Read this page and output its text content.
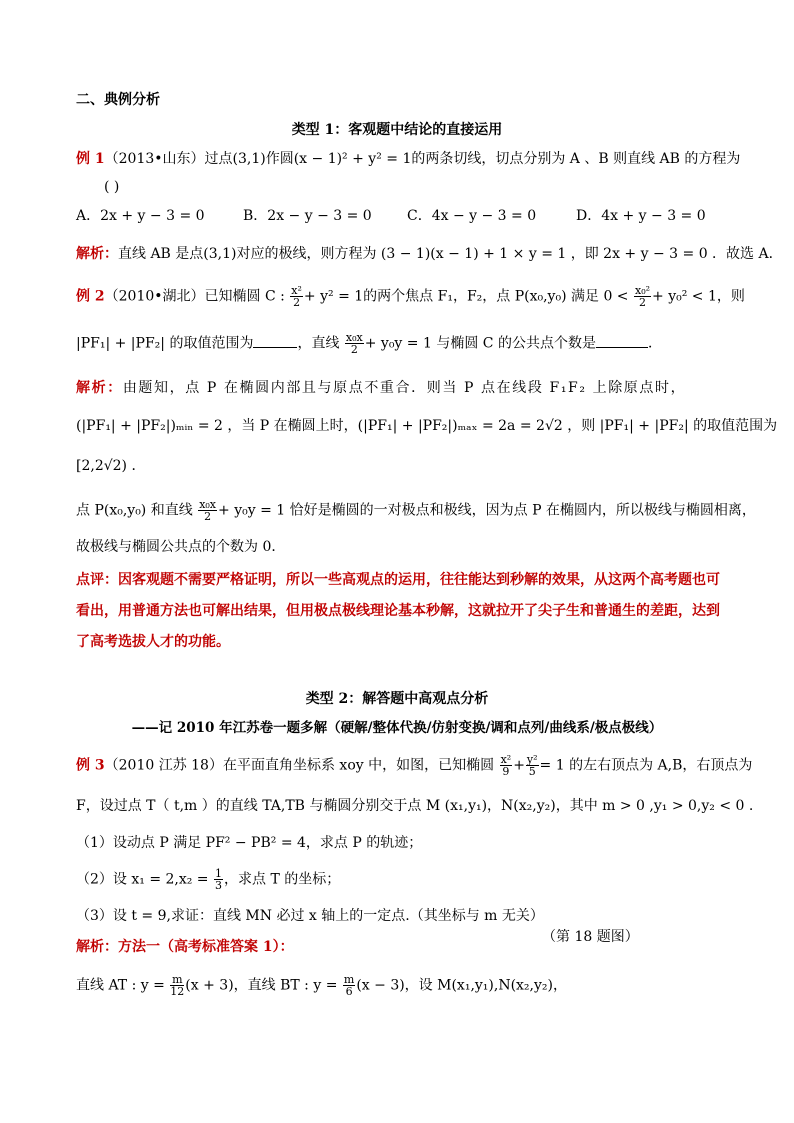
二、典例分析
类型 1：客观题中结论的直接运用
例 1（2013•山东）过点(3,1)作圆(x − 1)² + y² = 1的两条切线，切点分别为 A 、B 则直线 AB 的方程为
( )
A．2x + y − 3 = 0	B．2x − y − 3 = 0	C．4x − y − 3 = 0	D．4x + y − 3 = 0
解析：直线 AB 是点(3,1)对应的极线，则方程为 (3 − 1)(x − 1) + 1 × y = 1 ，即 2x + y − 3 = 0 ．故选 A．
例 2（2010•湖北）已知椭圆 C : $\frac{\text{x²}}{2} + y^2 = 1$的两个焦点 F₁，F₂，点 P(x₀,y₀) 满足 $0 < \frac{\text{x₀²}}{2} + y_0^2 < 1$，则
|PF₁| + |PF₂| 的取值范围为	，直线 $\frac{\text{x₀x}}{2} + y_0y = 1$ 与椭圆 C 的公共点个数是	．
解析：由题知，点 P 在椭圆内部且与原点不重合．则当 P 点在线段 F₁F₂ 上除原点时，
(|PF₁| + |PF₂|)ₘᵢₙ = 2 ，当 P 在椭圆上时，(|PF₁| + |PF₂|)ₘₐₓ = 2a = 2√2 ，则 |PF₁| + |PF₂| 的取值范围为
[2,2√2) ．
点 P(x₀,y₀) 和直线 $\frac{\text{x₀x}}{2} + y_0y = 1$ 恰好是椭圆的一对极点和极线，因为点 P 在椭圆内，所以极线与椭圆相离，
故极线与椭圆公共点的个数为 0．
点评：因客观题不需要严格证明，所以一些高观点的运用，往往能达到秒解的效果，从这两个高考题也可
看出，用普通方法也可解出结果，但用极点极线理论基本秒解，这就拉开了尖子生和普通生的差距，达到
了高考选拔人才的功能。
类型 2：解答题中高观点分析
——记 2010 年江苏卷一题多解（硬解/整体代换/仿射变换/调和点列/曲线系/极点极线）
例 3（2010 江苏 18）在平面直角坐标系 xoy 中，如图，已知椭圆 $\frac{\text{x²}}{9} + \frac{\text{y²}}{5} = 1$ 的左右顶点为 A,B，右顶点为
F，设过点 T（ t,m ）的直线 TA,TB 与椭圆分别交于点 M (x₁,y₁)，N(x₂,y₂)，其中 m > 0 ,y₁ > 0,y₂ < 0 .
（1）设动点 P 满足 PF² − PB² = 4，求点 P 的轨迹；
（2）设 $x_1 = 2,x_2 = \frac{1}{3}$ ，求点 T 的坐标；
（3）设 t = 9,求证：直线 MN 必过 x 轴上的一定点.（其坐标与 m 无关）
（第 18 题图）
解析：方法一（高考标准答案 1）：
直线 AT : $y = \frac{m}{12} (x + 3)$，直线 BT : $y = \frac{m}{6} (x - 3)$，设 M(x₁,y₁),N(x₂,y₂)，
